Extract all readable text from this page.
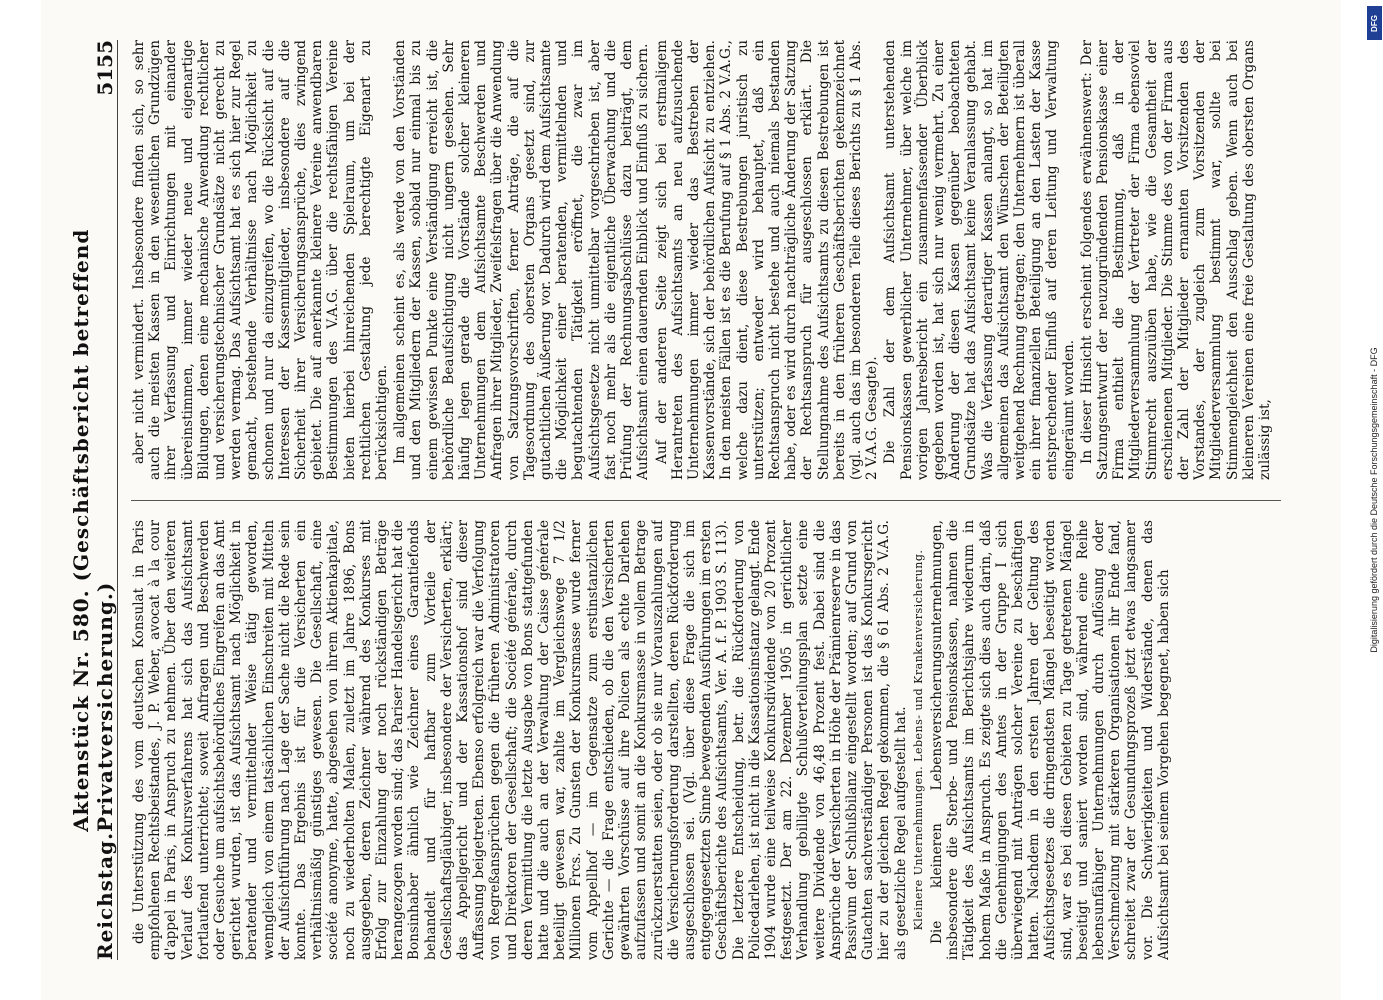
Reichstag.
Aktenstück Nr. 580. (Geschäftsbericht betreffend Privatversicherung.)
5155

die Unterstützung des vom deutschen Konsulat in Paris empfohlenen Rechtsbeistandes, J. P. Weber, avocat à la cour d'appel in Paris, in Anspruch zu nehmen. Über den weiteren Verlauf des Konkursverfahrens hat sich das Aufsichtsamt fortlaufend unterrichtet; soweit Anfragen und Beschwerden oder Gesuche um aufsichtsbehördliches Eingreifen an das Amt gerichtet wurden, ist das Aufsichtsamt nach Möglichkeit in beratender und vermittelnder Weise tätig geworden, wenngleich von einem tatsächlichen Einschreiten mit Mitteln der Aufsichtführung nach Lage der Sache nicht die Rede sein konnte. Das Ergebnis ist für die Versicherten ein verhältnismäßig günstiges gewesen. Die Gesellschaft, eine société anonyme, hatte, abgesehen von ihrem Aktienkapitale, noch zu wiederholten Malen, zuletzt im Jahre 1896, Bons ausgegeben, deren Zeichner während des Konkurses mit Erfolg zur Einzahlung der noch rückständigen Beträge herangezogen worden sind; das Pariser Handelsgericht hat die Bonsinhaber ähnlich wie Zeichner eines Garantiefonds behandelt und für haftbar zum Vorteile der Gesellschaftsgläubiger, insbesondere der Versicherten, erklärt; das Appellgericht und der Kassationshof sind dieser Auffassung beigetreten. Ebenso erfolgreich war die Verfolgung von Regreßansprüchen gegen die früheren Administratoren und Direktoren der Gesellschaft; die Société générale, durch deren Vermittlung die letzte Ausgabe von Bons stattgefunden hatte und die auch an der Verwaltung der Caisse générale beteiligt gewesen war, zahlte im Vergleichswege 7 1/2 Millionen Frcs. Zu Gunsten der Konkursmasse wurde ferner vom Appellhof — im Gegensatze zum erstinstanzlichen Gerichte — die Frage entschieden, ob die den Versicherten gewährten Vorschüsse auf ihre Policen als echte Darlehen aufzufassen und somit an die Konkursmasse in vollem Betrage zurückzuerstatten seien, oder ob sie nur Vorauszahlungen auf die Versicherungsforderung darstellten, deren Rückforderung ausgeschlossen sei. (Vgl. über diese Frage die sich im entgegengesetzten Sinne bewegenden Ausführungen im ersten Geschäftsberichte des Aufsichtsamts, Ver. A. f. P. 1903 S. 113). Die letztere Entscheidung, betr. die Rückforderung von Policedarlehen, ist nicht in die Kassationsinstanz gelangt. Ende 1904 wurde eine teilweise Konkursdividende von 20 Prozent festgesetzt. Der am 22. Dezember 1905 in gerichtlicher Verhandlung gebilligte Schlußverteilungsplan setzte eine weitere Dividende von 46,48 Prozent fest. Dabei sind die Ansprüche der Versicherten in Höhe der Prämienreserve in das Passivum der Schlußbilanz eingestellt worden; auf Grund von Gutachten sachverständiger Personen ist das Konkursgericht hier zu der gleichen Regel gekommen, die § 61 Abs. 2 V.A.G. als gesetzliche Regel aufgestellt hat. Kleinere Unternehmungen. Lebens- und Krankenversicherung. Die kleineren Lebensversicherungsunternehmungen, insbesondere die Sterbe- und Pensionskassen, nahmen die Tätigkeit des Aufsichtsamts im Berichtsjahre wiederum in hohem Maße in Anspruch. Es zeigte sich dies auch darin, daß die Genehmigungen des Amtes in der Gruppe I sich überwiegend mit Anträgen solcher Vereine zu beschäftigen hatten. Nachdem in den ersten Jahren der Geltung des Aufsichtsgesetzes die dringendsten Mängel beseitigt worden sind, war es bei diesen Gebieten zu Tage getretenen Mängel beseitigt und saniert worden sind, während eine Reihe lebensunfähiger Unternehmungen durch Auflösung oder Verschmelzung mit stärkeren Organisationen ihr Ende fand, schreitet zwar der Gesundungsprozeß jetzt etwas langsamer vor. Die Schwierigkeiten und Widerstände, denen das Aufsichtsamt bei seinem Vorgehen begegnet, haben sich

aber nicht vermindert. Insbesondere finden sich, so sehr auch die meisten Kassen in den wesentlichen Grundzügen ihrer Verfassung und Einrichtungen mit einander übereinstimmen, immer wieder neue und eigenartige Bildungen, denen eine mechanische Anwendung rechtlicher und versicherungstechnischer Grundsätze nicht gerecht zu werden vermag. Das Aufsichtsamt hat es sich hier zur Regel gemacht, bestehende Verhältnisse nach Möglichkeit zu schonen und nur da einzugreifen, wo die Rücksicht auf die Interessen der Kassenmitglieder, insbesondere auf die Sicherheit ihrer Versicherungsansprüche, dies zwingend gebietet. Die auf anerkannte kleinere Vereine anwendbaren Bestimmungen des V.A.G. über die rechtsfähigen Vereine bieten hierbei hinreichenden Spielraum, um bei der rechtlichen Gestaltung jede berechtigte Eigenart zu berücksichtigen. Im allgemeinen scheint es, als werde von den Vorständen und den Mitgliedern der Kassen, sobald nur einmal bis zu einem gewissen Punkte eine Verständigung erreicht ist, die behördliche Beaufsichtigung nicht ungern gesehen. Sehr häufig legen gerade die Vorstände solcher kleineren Unternehmungen dem Aufsichtsamte Beschwerden und Anfragen ihrer Mitglieder, Zweifelsfragen über die Anwendung von Satzungsvorschriften, ferner Anträge, die auf die Tagesordnung des obersten Organs gesetzt sind, zur gutachtlichen Äußerung vor. Dadurch wird dem Aufsichtsamte die Möglichkeit einer beratenden, vermittelnden und begutachtenden Tätigkeit eröffnet, die zwar im Aufsichtsgesetze nicht unmittelbar vorgeschrieben ist, aber fast noch mehr als die eigentliche Überwachung und die Prüfung der Rechnungsabschlüsse dazu beiträgt, dem Aufsichtsamt einen dauernden Einblick und Einfluß zu sichern. Auf der anderen Seite zeigt sich bei erstmaligem Herantreten des Aufsichtsamts an neu aufzusuchende Unternehmungen immer wieder das Bestreben der Kassenvorstände, sich der behördlichen Aufsicht zu entziehen. In den meisten Fällen ist es die Berufung auf § 1 Abs. 2 V.A.G., welche dazu dient, diese Bestrebungen juristisch zu unterstützen; entweder wird behauptet, daß ein Rechtsanspruch nicht bestehe und auch niemals bestanden habe, oder es wird durch nachträgliche Änderung der Satzung der Rechtsanspruch für ausgeschlossen erklärt. Die Stellungnahme des Aufsichtsamts zu diesen Bestrebungen ist bereits in den früheren Geschäftsberichten gekennzeichnet (vgl. auch das im besonderen Teile dieses Berichts zu § 1 Abs. 2 V.A.G. Gesagte). Die Zahl der dem Aufsichtsamt unterstehenden Pensionskassen gewerblicher Unternehmer, über welche im vorigen Jahresbericht ein zusammenfassender Überblick gegeben worden ist, hat sich nur wenig vermehrt. Zu einer Änderung der diesen Kassen gegenüber beobachteten Grundsätze hat das Aufsichtsamt keine Veranlassung gehabt. Was die Verfassung derartiger Kassen anlangt, so hat im allgemeinen das Aufsichtsamt den Wünschen der Beteiligten weitgehend Rechnung getragen; den Unternehmern ist überall ein ihrer finanziellen Beteiligung an den Lasten der Kasse entsprechender Einfluß auf deren Leitung und Verwaltung eingeräumt worden. In dieser Hinsicht erscheint folgendes erwähnenswert: Der Satzungsentwurf der neuzugründenden Pensionskasse einer Firma enthielt die Bestimmung, daß in der Mitgliederversammlung der Vertreter der Firma ebensoviel Stimmrecht auszuüben habe, wie die Gesamtheit der erschienenen Mitglieder. Die Stimme des von der Firma aus der Zahl der Mitglieder ernannten Vorsitzenden des Vorstandes, der zugleich zum Vorsitzenden der Mitgliederversammlung bestimmt war, sollte bei Stimmengleichheit den Ausschlag geben. Wenn auch bei kleineren Vereinen eine freie Gestaltung des obersten Organs zulässig ist,

DFG
Digitalisierung gefördert durch die Deutsche Forschungsgemeinschaft - DFG
